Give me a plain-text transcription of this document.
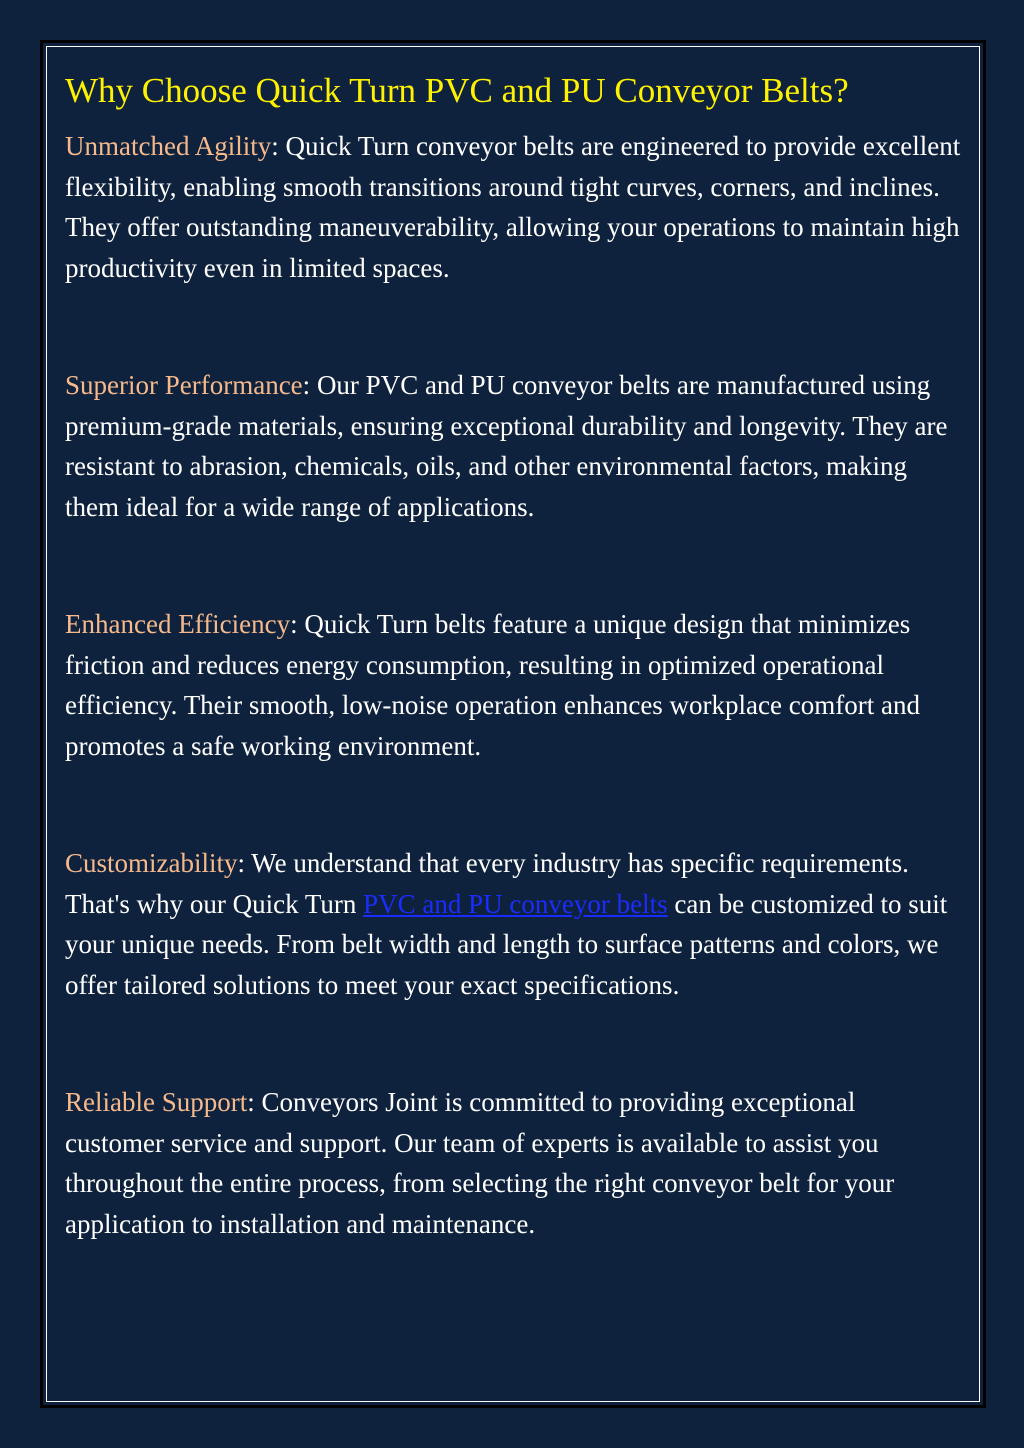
Why Choose Quick Turn PVC and PU Conveyor Belts?

Unmatched Agility: Quick Turn conveyor belts are engineered to provide excellent flexibility, enabling smooth transitions around tight curves, corners, and inclines. They offer outstanding maneuverability, allowing your operations to maintain high productivity even in limited spaces.

Superior Performance: Our PVC and PU conveyor belts are manufactured using premium-grade materials, ensuring exceptional durability and longevity. They are resistant to abrasion, chemicals, oils, and other environmental factors, making them ideal for a wide range of applications.

Enhanced Efficiency: Quick Turn belts feature a unique design that minimizes friction and reduces energy consumption, resulting in optimized operational efficiency. Their smooth, low-noise operation enhances workplace comfort and promotes a safe working environment.

Customizability: We understand that every industry has specific requirements. That's why our Quick Turn PVC and PU conveyor belts can be customized to suit your unique needs. From belt width and length to surface patterns and colors, we offer tailored solutions to meet your exact specifications.

Reliable Support: Conveyors Joint is committed to providing exceptional customer service and support. Our team of experts is available to assist you throughout the entire process, from selecting the right conveyor belt for your application to installation and maintenance.
